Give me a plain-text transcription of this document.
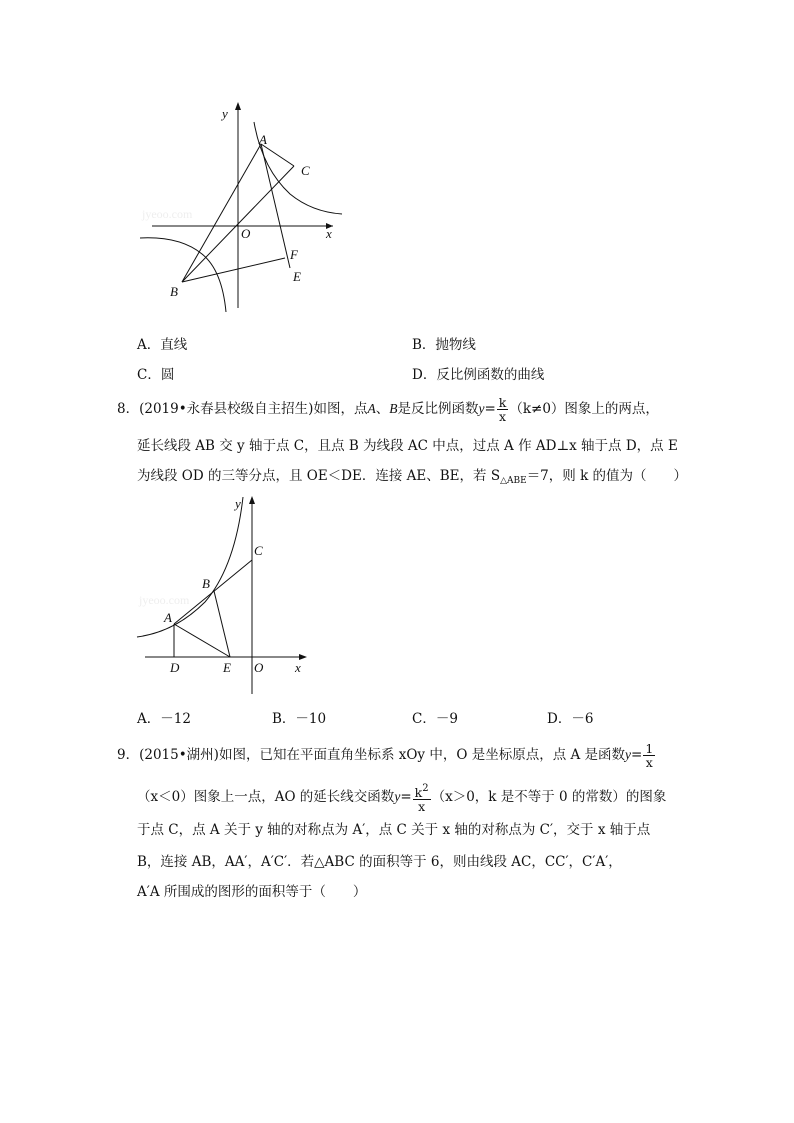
jyeoo.com
y
x
O
A
B
C
F
E
A．直线	B．抛物线
C．圆	D．反比例函数的曲线
8．(2019•永春县校级自主招生)如图，点A、B是反比例函数$y= \frac{k}{x} (k\ne 0)$图象上的两点，
延长线段 AB 交 y 轴于点 C，且点 B 为线段 AC 中点，过点 A 作 AD⊥x 轴于点 D，点 E
为线段 OD 的三等分点，且 OE＜DE．连接 AE、BE，若 $S_{\triangle ABE}=7$，则 k 的值为（　　）
jyeoo.com
y
x
O
C
B
A
D	E
A．－12	B．－10	C．－9	D．－6
9．(2015•湖州)如图，已知在平面直角坐标系 xOy 中，O 是坐标原点，点 A 是函数$y= \frac{1}{x}$
（x＜0）图象上一点，AO 的延长线交函数$y= \frac{k^2}{x} (x>0$，k 是不等于 0 的常数）的图象
于点 C，点 A 关于 y 轴的对称点为 A′，点 C 关于 x 轴的对称点为 C′，交于 x 轴于点
B，连接 AB，AA′，A′C′．若△ABC 的面积等于 6，则由线段 AC，CC′，C′A′，
A′A 所围成的图形的面积等于（　　）
